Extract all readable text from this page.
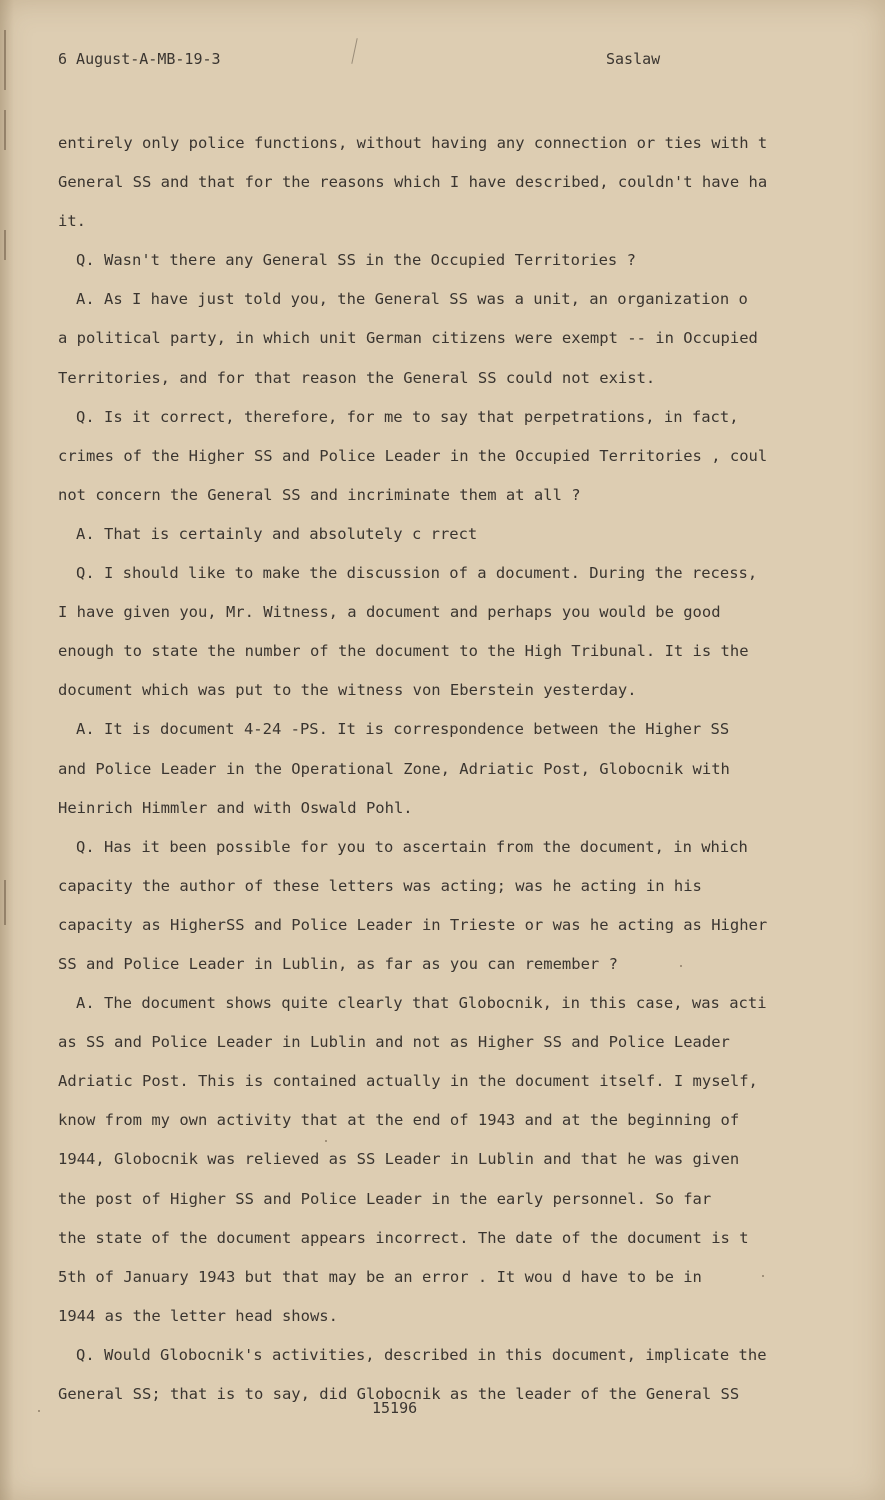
6 August-A-MB-19-3	Saslaw
entirely only police functions, without having any connection or ties with t
General SS and that for the reasons which I have described, couldn't have ha
it.
Q. Wasn't there any General SS in the Occupied Territories ?
A. As I have just told you, the General SS was a unit, an organization o
a political party, in which unit German citizens were exempt -- in Occupied
Territories, and for that reason the General SS could not exist.
Q. Is it correct, therefore, for me to say that perpetrations, in fact,
crimes of the Higher SS and Police Leader in the Occupied Territories , coul
not concern the General SS and incriminate them at all ?
A. That is certainly and absolutely c rrect
Q. I should like to make the discussion of a document. During the recess,
I have given you, Mr. Witness, a document and perhaps you would be good
enough to state the number of the document to the High Tribunal. It is the
document which was put to the witness von Eberstein yesterday.
A. It is document 4-24 -PS. It is correspondence between the Higher SS
and Police Leader in the Operational Zone, Adriatic Post, Globocnik with
Heinrich Himmler and with Oswald Pohl.
Q. Has it been possible for you to ascertain from the document, in which
capacity the author of these letters was acting; was he acting in his
capacity as HigherSS and Police Leader in Trieste or was he acting as Higher
SS and Police Leader in Lublin, as far as you can remember ?
A. The document shows quite clearly that Globocnik, in this case, was acti
as SS and Police Leader in Lublin and not as Higher SS and Police Leader
Adriatic Post. This is contained actually in the document itself. I myself,
know from my own activity that at the end of 1943 and at the beginning of
1944, Globocnik was relieved as SS Leader in Lublin and that he was given
the post of Higher SS and Police Leader in the early personnel. So far
the state of the document appears incorrect. The date of the document is t
5th of January 1943 but that may be an error . It wou d have to be in
1944 as the letter head shows.
Q. Would Globocnik's activities, described in this document, implicate the
General SS; that is to say, did Globocnik as the leader of the General SS
15196
